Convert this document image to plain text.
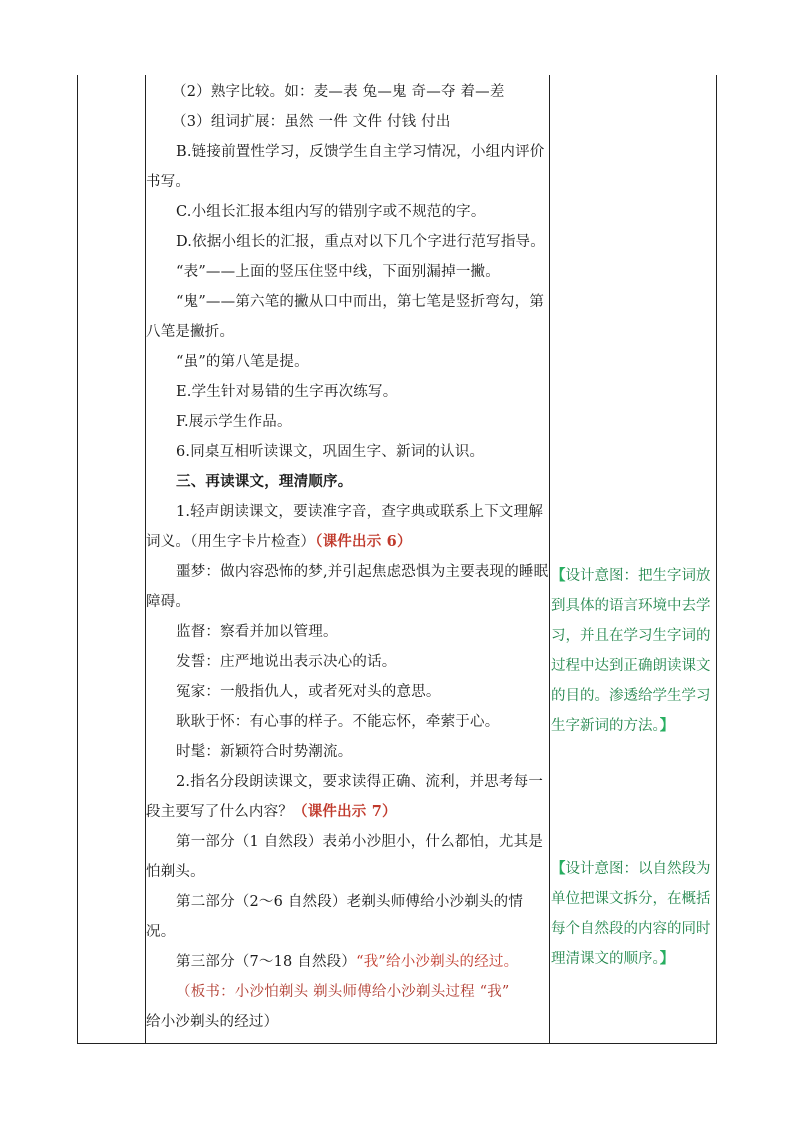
（2）熟字比较。如：麦—表 兔—鬼 奇—夺 着—差

（3）组词扩展：虽然 一件 文件 付钱 付出

B.链接前置性学习，反馈学生自主学习情况，小组内评价书写。

C.小组长汇报本组内写的错别字或不规范的字。

D.依据小组长的汇报，重点对以下几个字进行范写指导。

“表”——上面的竖压住竖中线，下面别漏掉一撇。

“鬼”——第六笔的撇从口中而出，第七笔是竖折弯勾，第八笔是撇折。

“虽”的第八笔是提。

E.学生针对易错的生字再次练写。

F.展示学生作品。

6.同桌互相听读课文，巩固生字、新词的认识。

三、再读课文，理清顺序。

1.轻声朗读课文，要读准字音，查字典或联系上下文理解词义。（用生字卡片检查）（课件出示 6）

噩梦：做内容恐怖的梦,并引起焦虑恐惧为主要表现的睡眠障碍。

监督：察看并加以管理。

发誓：庄严地说出表示决心的话。

冤家：一般指仇人，或者死对头的意思。

耿耿于怀：有心事的样子。不能忘怀，牵萦于心。

时髦：新颖符合时势潮流。

2.指名分段朗读课文，要求读得正确、流利，并思考每一段主要写了什么内容？（课件出示 7）

第一部分（1 自然段）表弟小沙胆小，什么都怕，尤其是怕剃头。

第二部分（2～6 自然段）老剃头师傅给小沙剃头的情况。

第三部分（7～18 自然段）“我”给小沙剃头的经过。

（板书：小沙怕剃头 剃头师傅给小沙剃头过程 “我”

给小沙剃头的经过）

【设计意图：把生字词放到具体的语言环境中去学习，并且在学习生字词的过程中达到正确朗读课文的目的。渗透给学生学习生字新词的方法。】
【设计意图：以自然段为单位把课文拆分，在概括每个自然段的内容的同时理清课文的顺序。】
